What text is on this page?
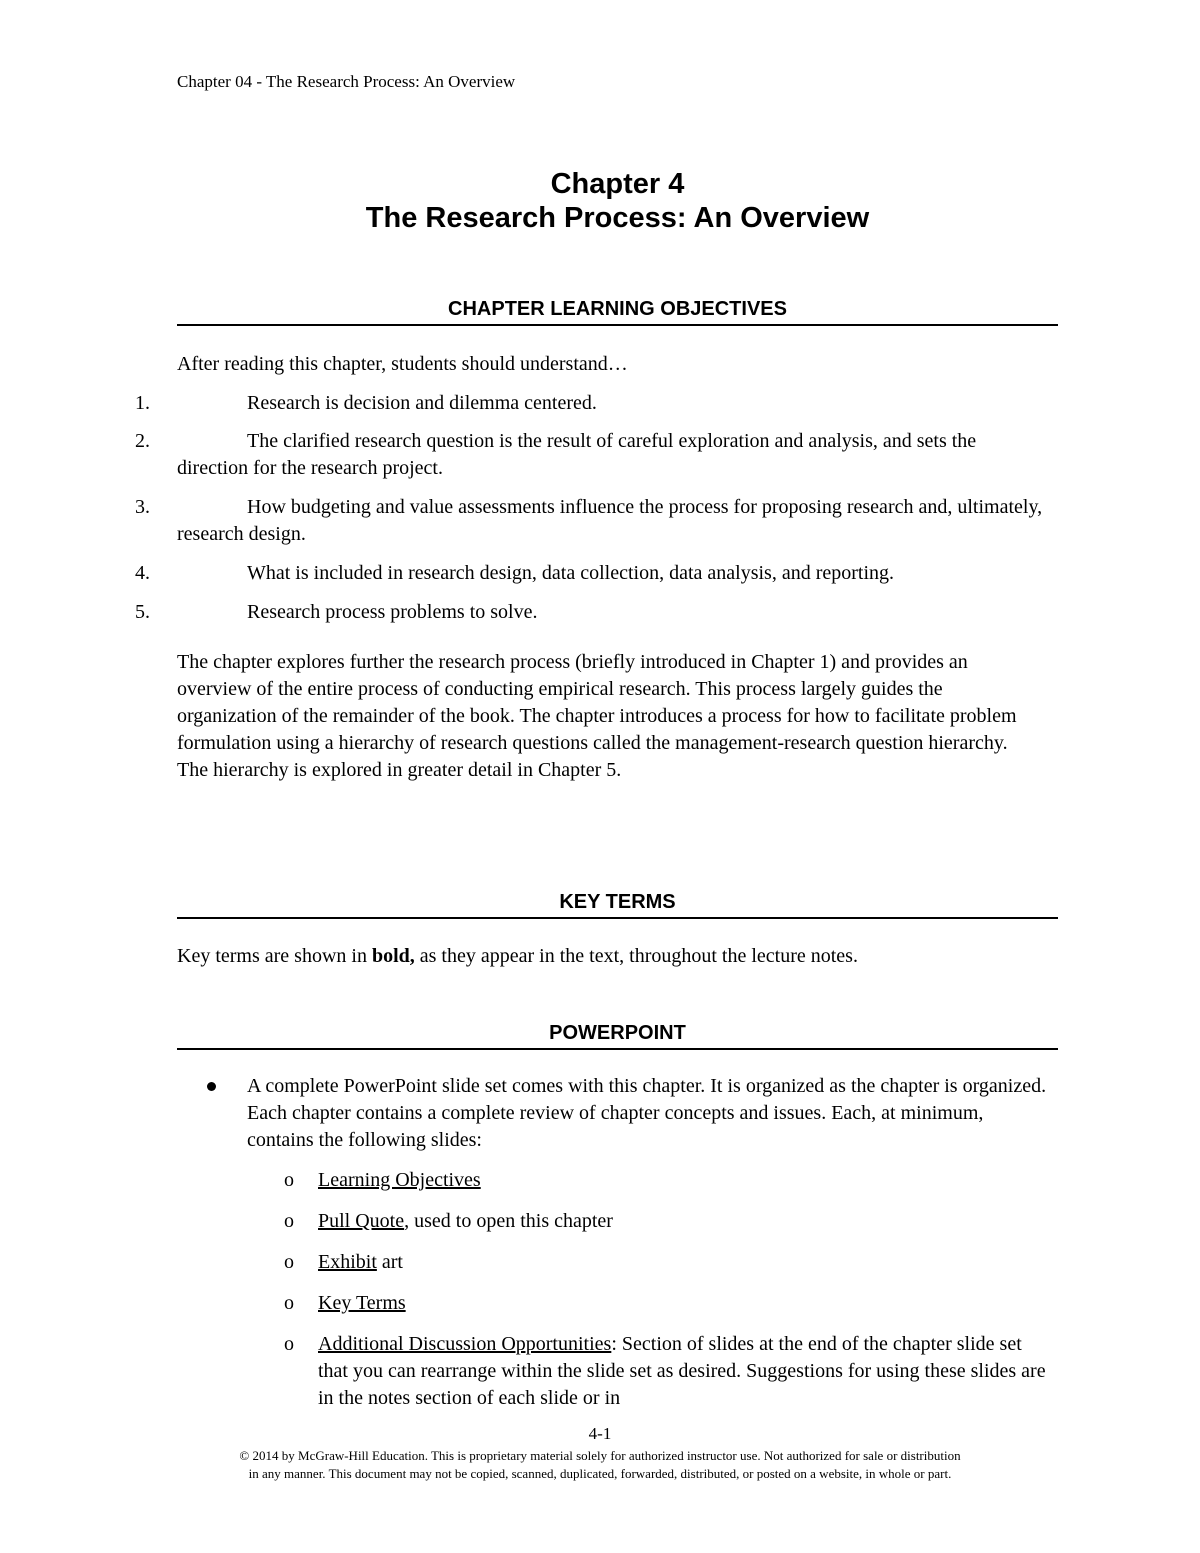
Chapter 04 - The Research Process: An Overview
Chapter 4
The Research Process: An Overview
CHAPTER LEARNING OBJECTIVES
After reading this chapter, students should understand…
1.	Research is decision and dilemma centered.
2.	The clarified research question is the result of careful exploration and analysis, and sets the direction for the research project.
3.	How budgeting and value assessments influence the process for proposing research and, ultimately, research design.
4.	What is included in research design, data collection, data analysis, and reporting.
5.	Research process problems to solve.
The chapter explores further the research process (briefly introduced in Chapter 1) and provides an overview of the entire process of conducting empirical research. This process largely guides the organization of the remainder of the book. The chapter introduces a process for how to facilitate problem formulation using a hierarchy of research questions called the management-research question hierarchy. The hierarchy is explored in greater detail in Chapter 5.
KEY TERMS
Key terms are shown in bold, as they appear in the text, throughout the lecture notes.
POWERPOINT
A complete PowerPoint slide set comes with this chapter. It is organized as the chapter is organized. Each chapter contains a complete review of chapter concepts and issues. Each, at minimum, contains the following slides:
o Learning Objectives
o Pull Quote, used to open this chapter
o Exhibit art
o Key Terms
o Additional Discussion Opportunities: Section of slides at the end of the chapter slide set that you can rearrange within the slide set as desired. Suggestions for using these slides are in the notes section of each slide or in
4-1
© 2014 by McGraw-Hill Education. This is proprietary material solely for authorized instructor use. Not authorized for sale or distribution
in any manner. This document may not be copied, scanned, duplicated, forwarded, distributed, or posted on a website, in whole or part.
